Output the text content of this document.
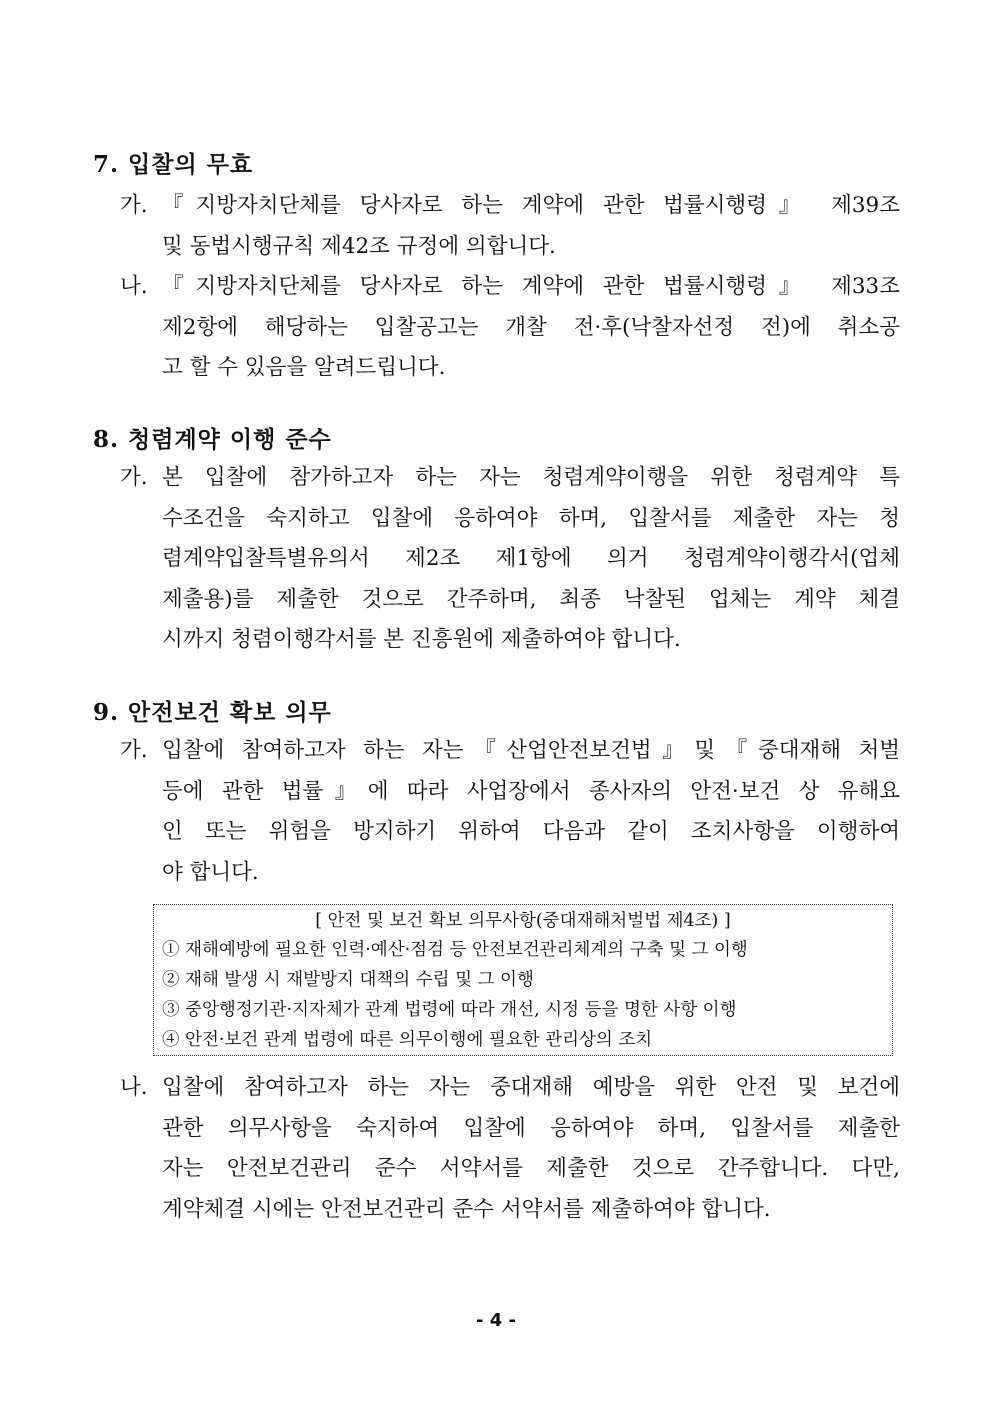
7. 입찰의 무효
가. 『지방자치단체를 당사자로 하는 계약에 관한 법률시행령』 제39조
및 동법시행규칙 제42조 규정에 의합니다.
나. 『지방자치단체를 당사자로 하는 계약에 관한 법률시행령』 제33조
제2항에 해당하는 입찰공고는 개찰 전·후(낙찰자선정 전)에 취소공
고 할 수 있음을 알려드립니다.
8. 청렴계약 이행 준수
가. 본 입찰에 참가하고자 하는 자는 청렴계약이행을 위한 청렴계약 특
수조건을 숙지하고 입찰에 응하여야 하며, 입찰서를 제출한 자는 청
렴계약입찰특별유의서 제2조 제1항에 의거 청렴계약이행각서(업체
제출용)를 제출한 것으로 간주하며, 최종 낙찰된 업체는 계약 체결
시까지 청렴이행각서를 본 진흥원에 제출하여야 합니다.
9. 안전보건 확보 의무
가. 입찰에 참여하고자 하는 자는『산업안전보건법』및『중대재해 처벌
등에 관한 법률』에 따라 사업장에서 종사자의 안전·보건 상 유해요
인 또는 위험을 방지하기 위하여 다음과 같이 조치사항을 이행하여
야 합니다.
[ 안전 및 보건 확보 의무사항(중대재해처벌법 제4조) ]
① 재해예방에 필요한 인력·예산·점검 등 안전보건관리체계의 구축 및 그 이행
② 재해 발생 시 재발방지 대책의 수립 및 그 이행
③ 중앙행정기관·지자체가 관계 법령에 따라 개선, 시정 등을 명한 사항 이행
④ 안전·보건 관계 법령에 따른 의무이행에 필요한 관리상의 조치
나. 입찰에 참여하고자 하는 자는 중대재해 예방을 위한 안전 및 보건에
관한 의무사항을 숙지하여 입찰에 응하여야 하며, 입찰서를 제출한
자는 안전보건관리 준수 서약서를 제출한 것으로 간주합니다. 다만,
계약체결 시에는 안전보건관리 준수 서약서를 제출하여야 합니다.
- 4 -
